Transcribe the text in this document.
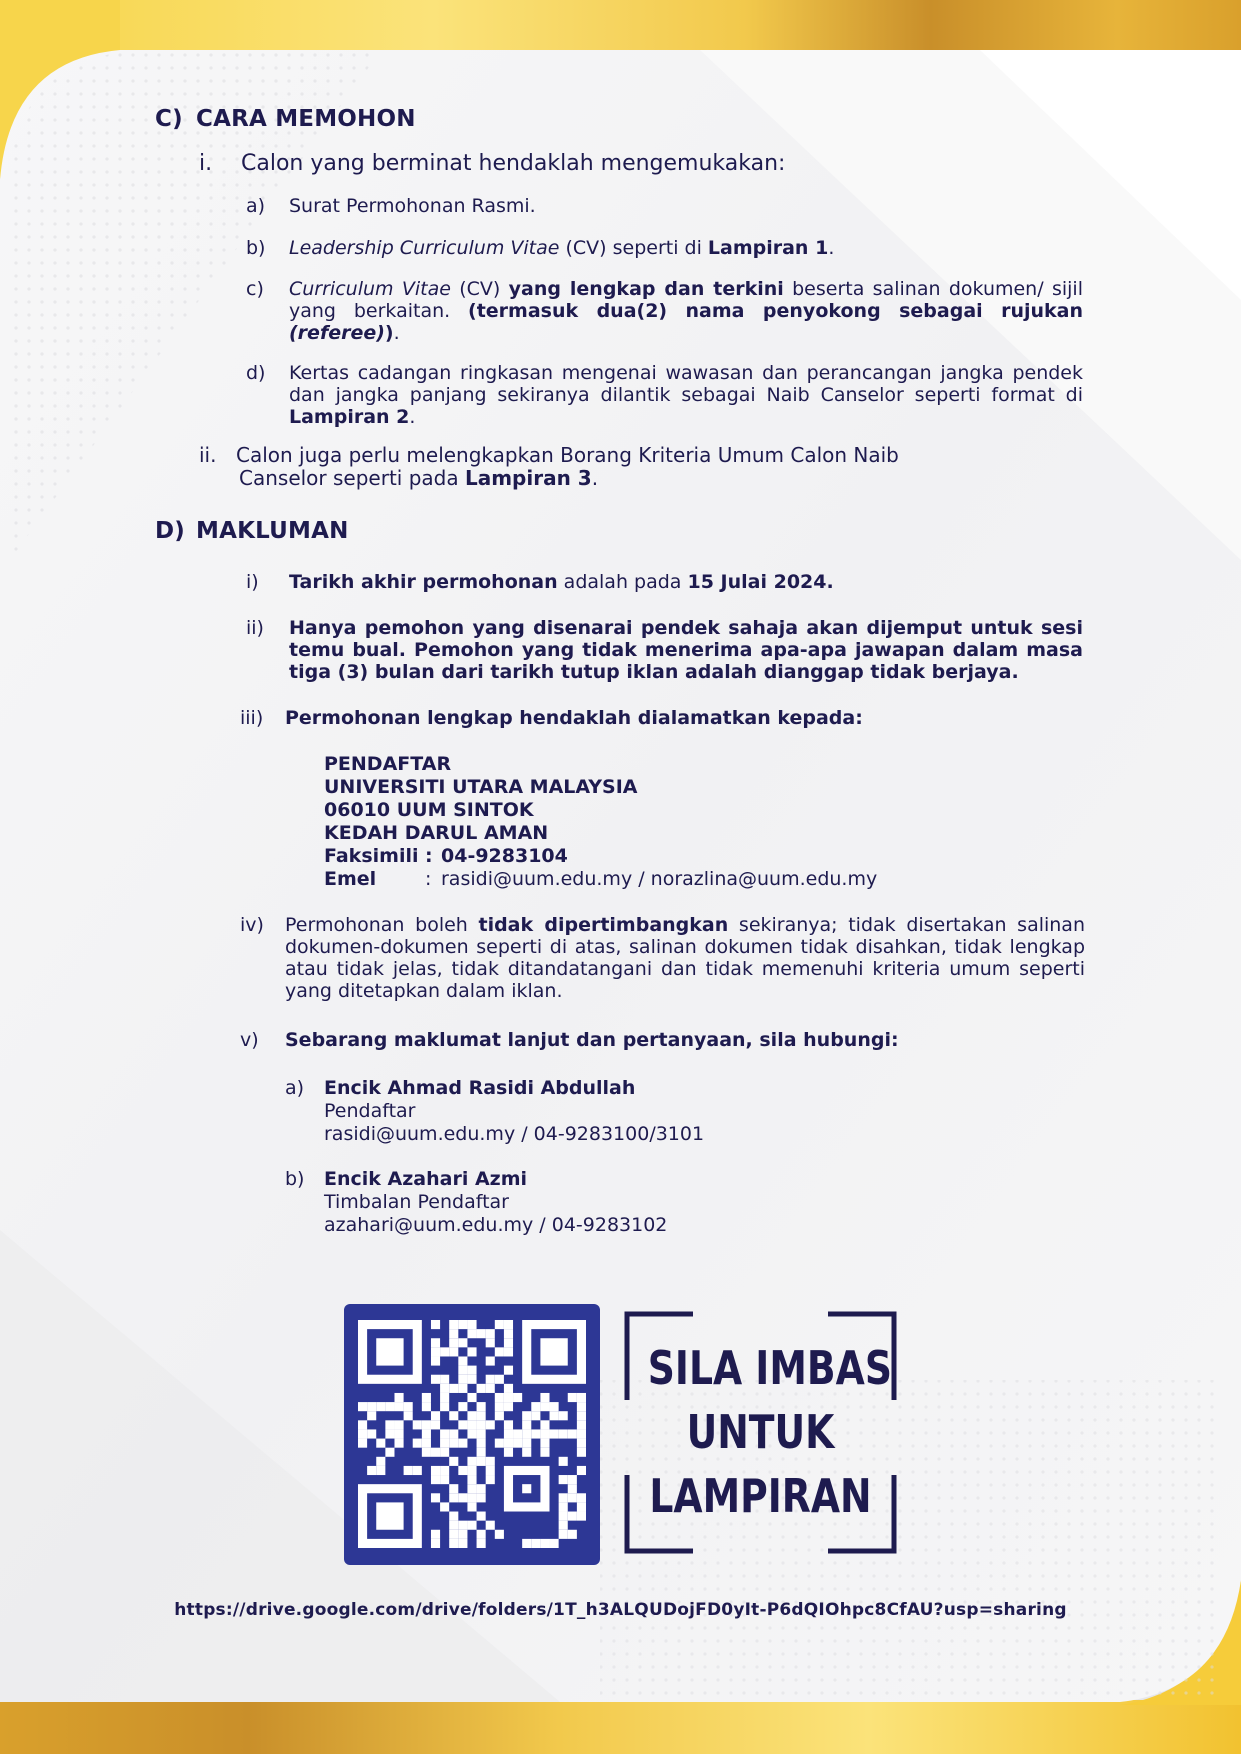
C) CARA MEMOHON
i. Calon yang berminat hendaklah mengemukakan:
a) Surat Permohonan Rasmi.
b) Leadership Curriculum Vitae (CV) seperti di Lampiran 1.
c) Curriculum Vitae (CV) yang lengkap dan terkini beserta salinan dokumen/ sijil yang berkaitan. (termasuk dua(2) nama penyokong sebagai rujukan (referee)).
d) Kertas cadangan ringkasan mengenai wawasan dan perancangan jangka pendek dan jangka panjang sekiranya dilantik sebagai Naib Canselor seperti format di Lampiran 2.
ii. Calon juga perlu melengkapkan Borang Kriteria Umum Calon Naib
Canselor seperti pada Lampiran 3.
D) MAKLUMAN
i) Tarikh akhir permohonan adalah pada 15 Julai 2024.
ii) Hanya pemohon yang disenarai pendek sahaja akan dijemput untuk sesi temu bual. Pemohon yang tidak menerima apa-apa jawapan dalam masa tiga (3) bulan dari tarikh tutup iklan adalah dianggap tidak berjaya.
iii) Permohonan lengkap hendaklah dialamatkan kepada:
PENDAFTAR
UNIVERSITI UTARA MALAYSIA
06010 UUM SINTOK
KEDAH DARUL AMAN
Faksimili : 04-9283104
Emel	: rasidi@uum.edu.my / norazlina@uum.edu.my
iv) Permohonan boleh tidak dipertimbangkan sekiranya; tidak disertakan salinan dokumen-dokumen seperti di atas, salinan dokumen tidak disahkan, tidak lengkap atau tidak jelas, tidak ditandatangani dan tidak memenuhi kriteria umum seperti yang ditetapkan dalam iklan.
v) Sebarang maklumat lanjut dan pertanyaan, sila hubungi:
a) Encik Ahmad Rasidi Abdullah
Pendaftar
rasidi@uum.edu.my / 04-9283100/3101
b) Encik Azahari Azmi
Timbalan Pendaftar
azahari@uum.edu.my / 04-9283102
SILA IMBAS
UNTUK
LAMPIRAN
https://drive.google.com/drive/folders/1T_h3ALQUDojFD0yIt-P6dQIOhpc8CfAU?usp=sharing
